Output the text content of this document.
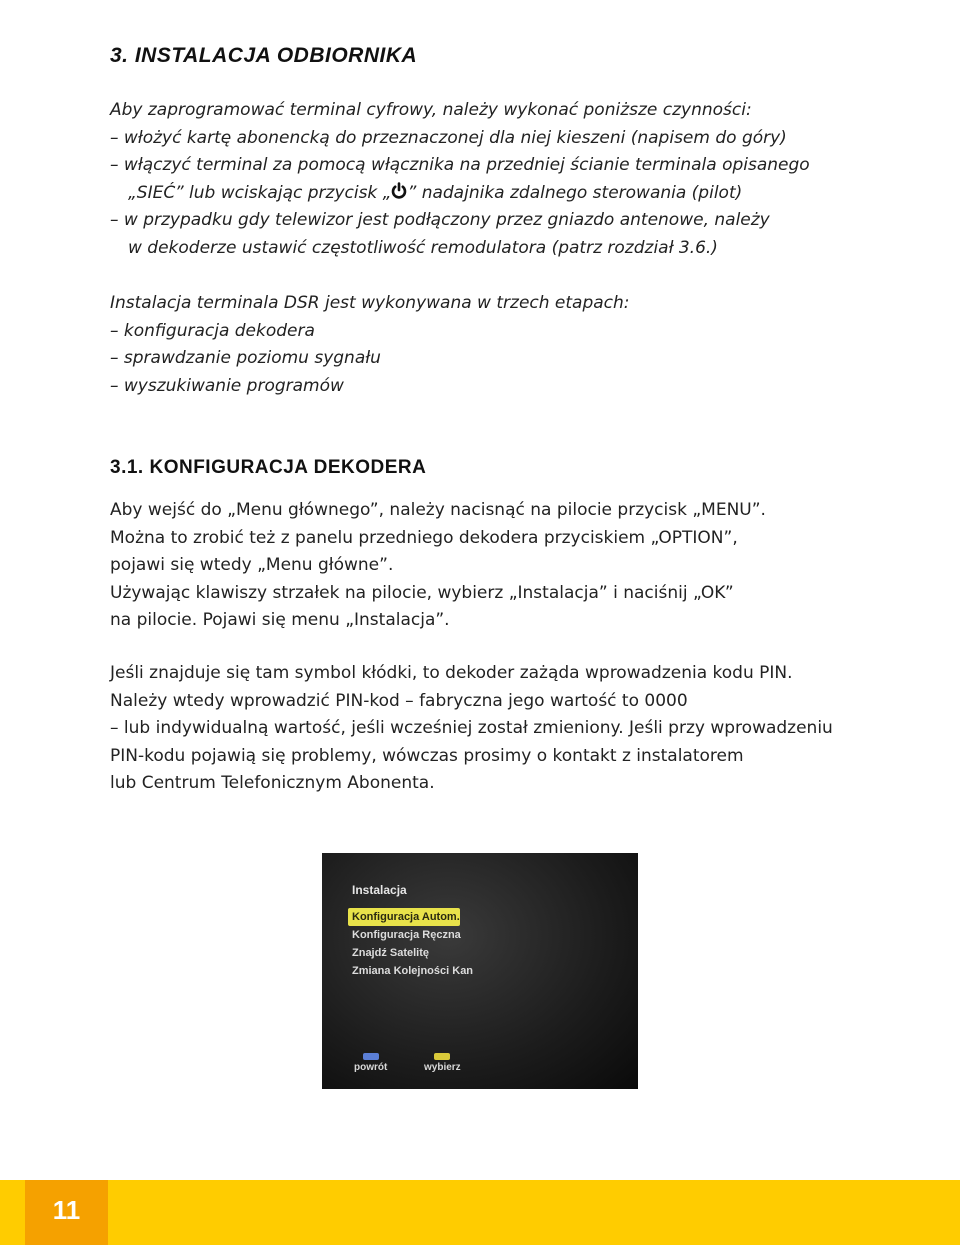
3. INSTALACJA ODBIORNIKA
Aby zaprogramować terminal cyfrowy, należy wykonać poniższe czynności:
– włożyć kartę abonencką do przeznaczonej dla niej kieszeni (napisem do góry)
– włączyć terminal za pomocą włącznika na przedniej ścianie terminala opisanego
„SIEĆ” lub wciskając przycisk „ ” nadajnika zdalnego sterowania (pilot)
– w przypadku gdy telewizor jest podłączony przez gniazdo antenowe, należy
w dekoderze ustawić częstotliwość remodulatora (patrz rozdział 3.6.)
Instalacja terminala DSR jest wykonywana w trzech etapach:
– konfiguracja dekodera
– sprawdzanie poziomu sygnału
– wyszukiwanie programów
3.1. KONFIGURACJA DEKODERA
Aby wejść do „Menu głównego”, należy nacisnąć na pilocie przycisk „MENU”.
Można to zrobić też z panelu przedniego dekodera przyciskiem „OPTION”,
pojawi się wtedy „Menu główne”.
Używając klawiszy strzałek na pilocie, wybierz „Instalacja” i naciśnij „OK”
na pilocie. Pojawi się menu „Instalacja”.
Jeśli znajduje się tam symbol kłódki, to dekoder zażąda wprowadzenia kodu PIN.
Należy wtedy wprowadzić PIN-kod – fabryczna jego wartość to 0000
– lub indywidualną wartość, jeśli wcześniej został zmieniony. Jeśli przy wprowadzeniu
PIN-kodu pojawią się problemy, wówczas prosimy o kontakt z instalatorem
lub Centrum Telefonicznym Abonenta.
Instalacja
Konfiguracja Autom.
Konfiguracja Ręczna
Znajdź Satelitę
Zmiana Kolejności Kan
powrót	wybierz
11
